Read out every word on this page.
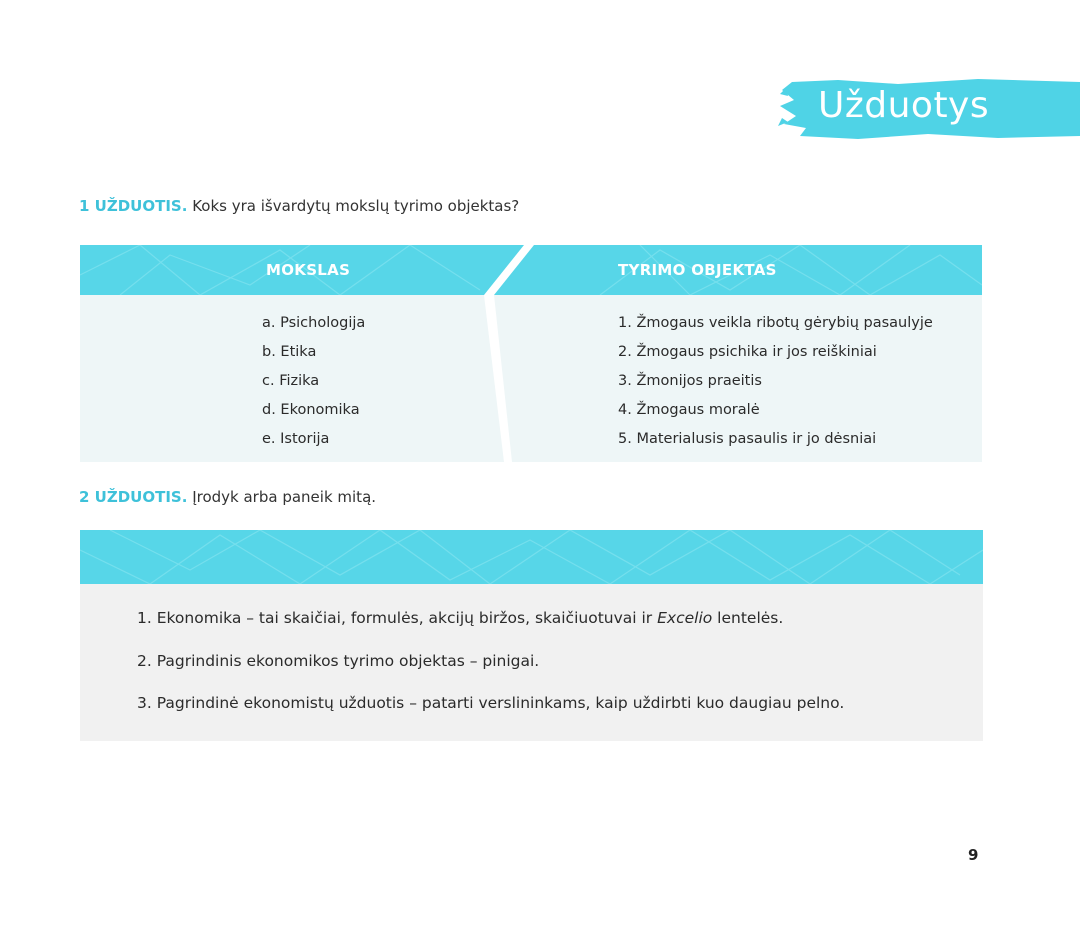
Užduotys
1 UŽDUOTIS. Koks yra išvardytų mokslų tyrimo objektas?
MOKSLAS	TYRIMO OBJEKTAS
a. Psichologija
b. Etika
c. Fizika
d. Ekonomika
e. Istorija
1. Žmogaus veikla ribotų gėrybių pasaulyje
2. Žmogaus psichika ir jos reiškiniai
3. Žmonijos praeitis
4. Žmogaus moralė
5. Materialusis pasaulis ir jo dėsniai
2 UŽDUOTIS. Įrodyk arba paneik mitą.
1. Ekonomika – tai skaičiai, formulės, akcijų biržos, skaičiuotuvai ir Excelio lentelės.
2. Pagrindinis ekonomikos tyrimo objektas – pinigai.
3. Pagrindinė ekonomistų užduotis – patarti verslininkams, kaip uždirbti kuo daugiau pelno.
9
